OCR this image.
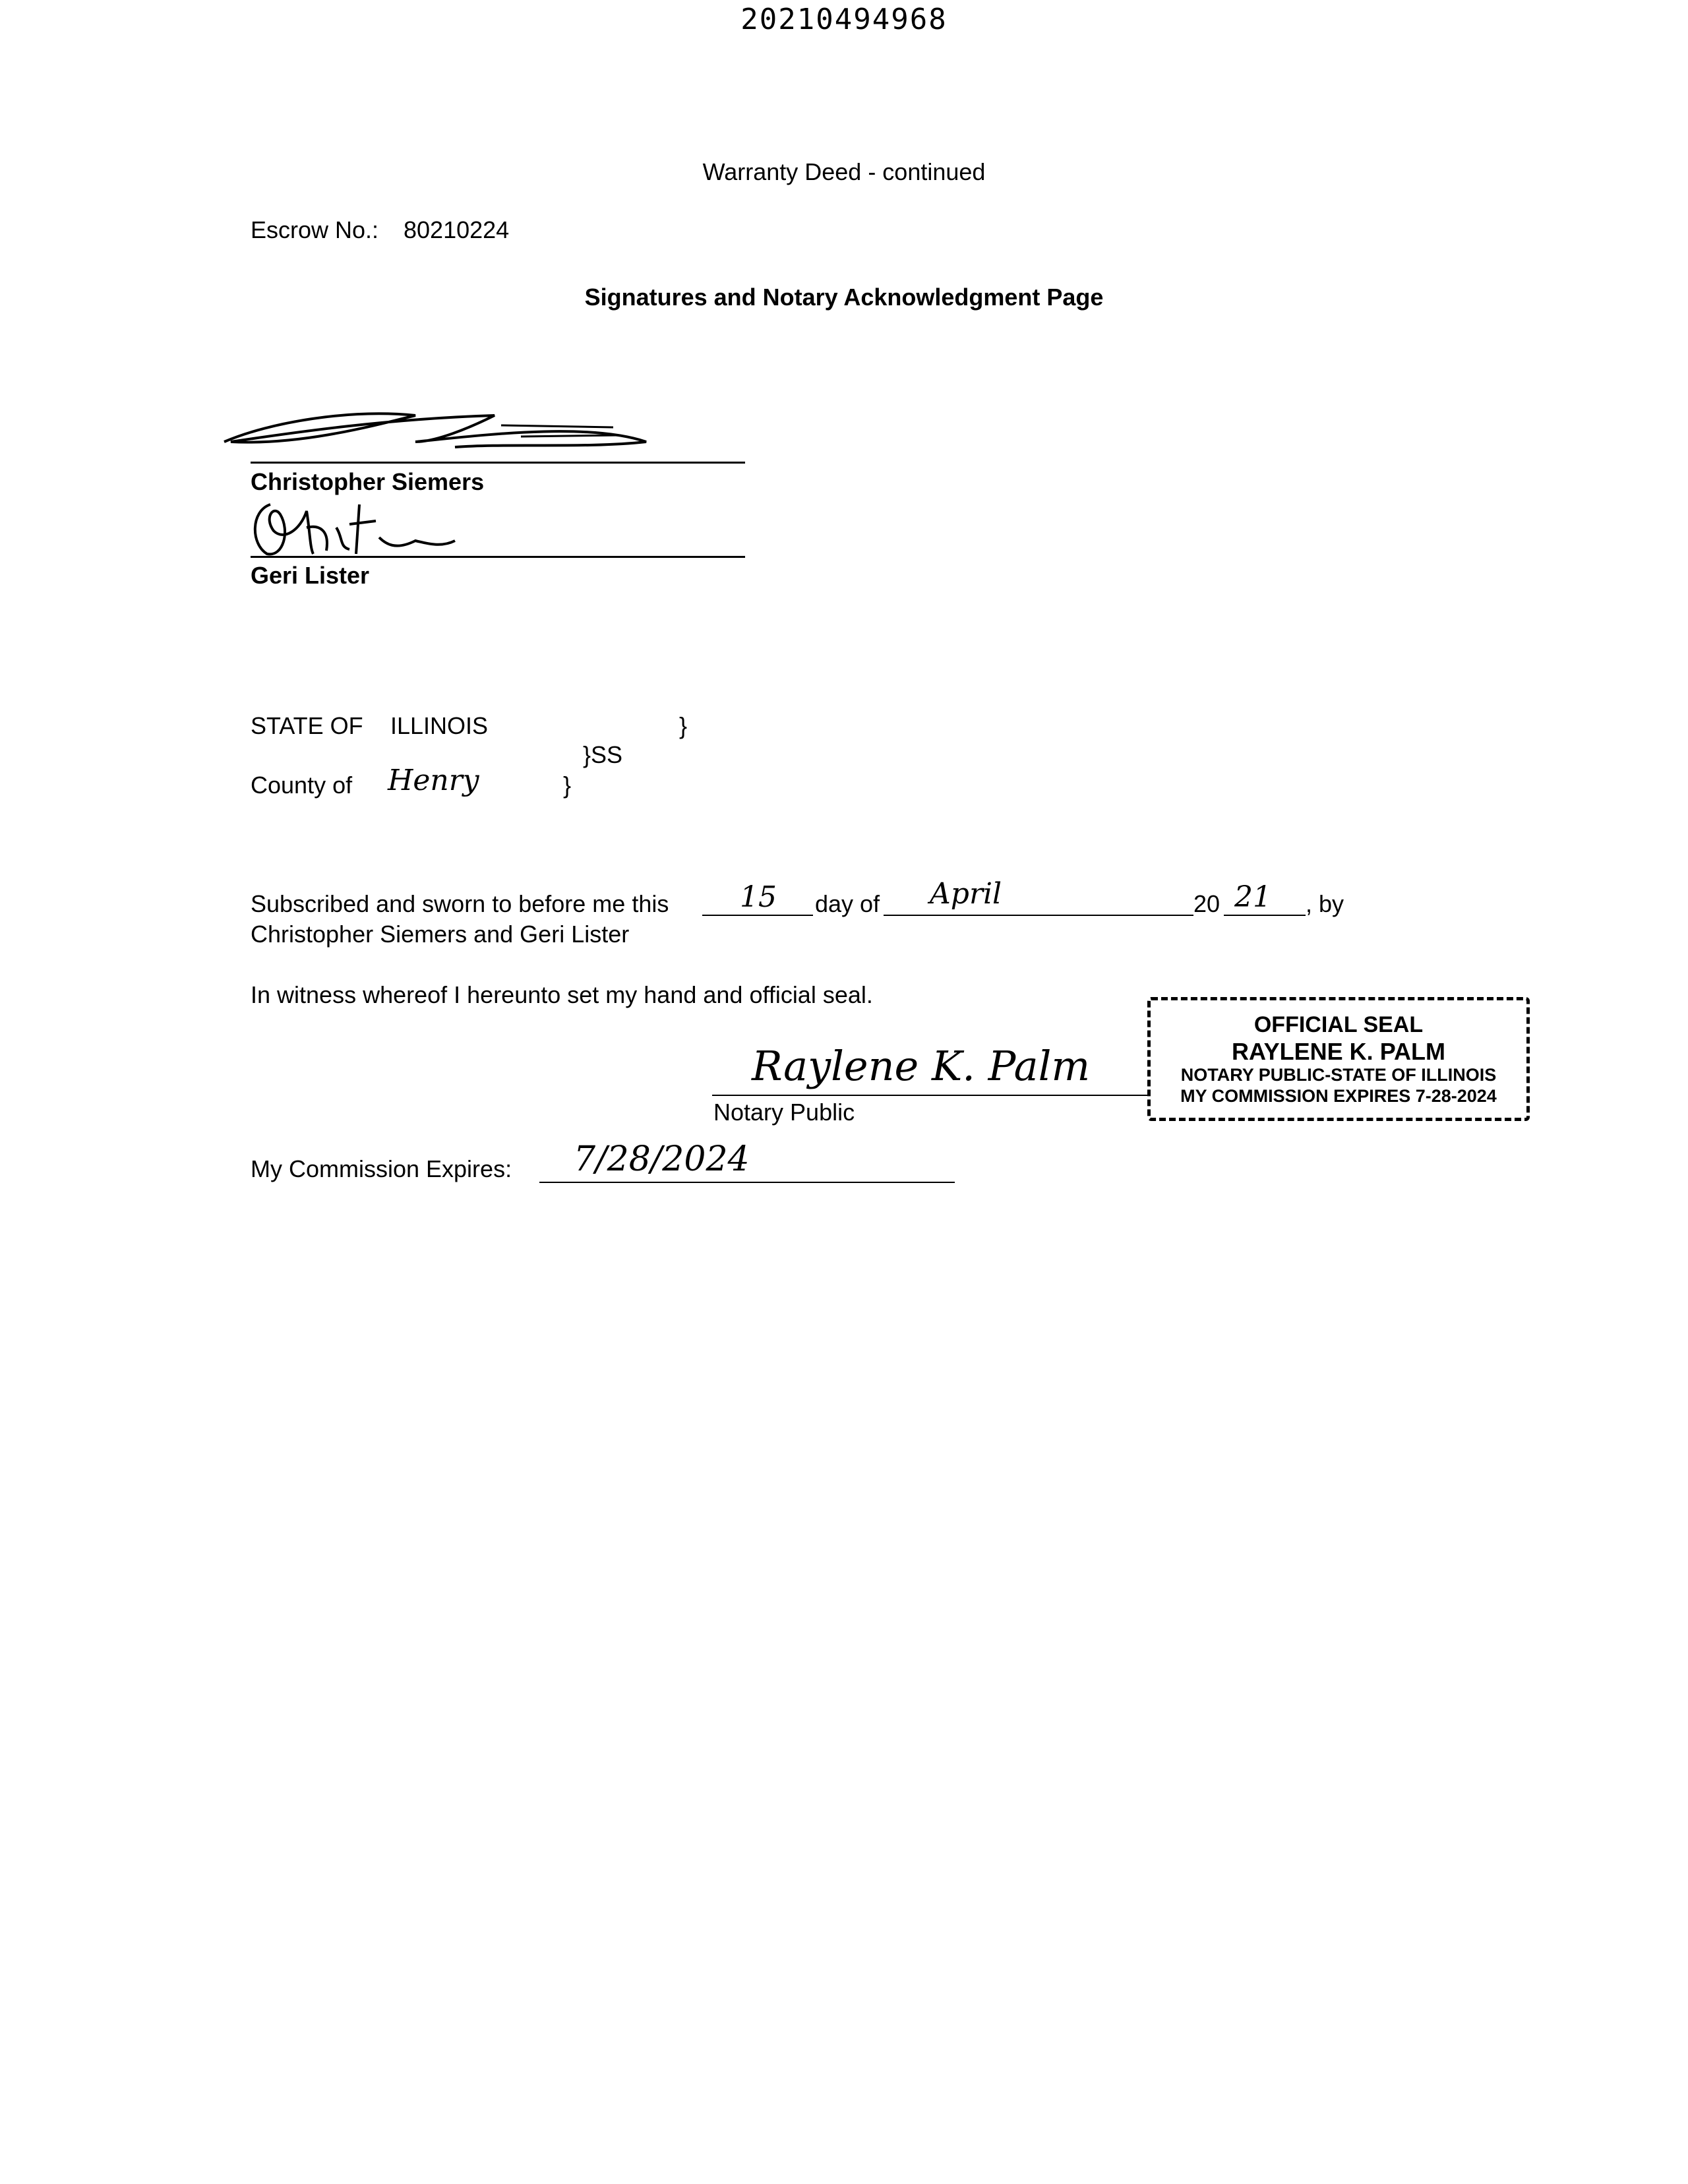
20210494968
Warranty Deed - continued
Escrow No.: 80210224
Signatures and Notary Acknowledgment Page
Christopher Siemers
Geri Lister
STATE OF ILLINOIS	}
}SS
County of Henry	}
Subscribed and sworn to before me this 15 day of April	20 21 , by
Christopher Siemers and Geri Lister
In witness whereof I hereunto set my hand and official seal.
Raylene K. Palm
Notary Public
OFFICIAL SEAL
RAYLENE K. PALM
NOTARY PUBLIC-STATE OF ILLINOIS
MY COMMISSION EXPIRES 7-28-2024
My Commission Expires: 7/28/2024
